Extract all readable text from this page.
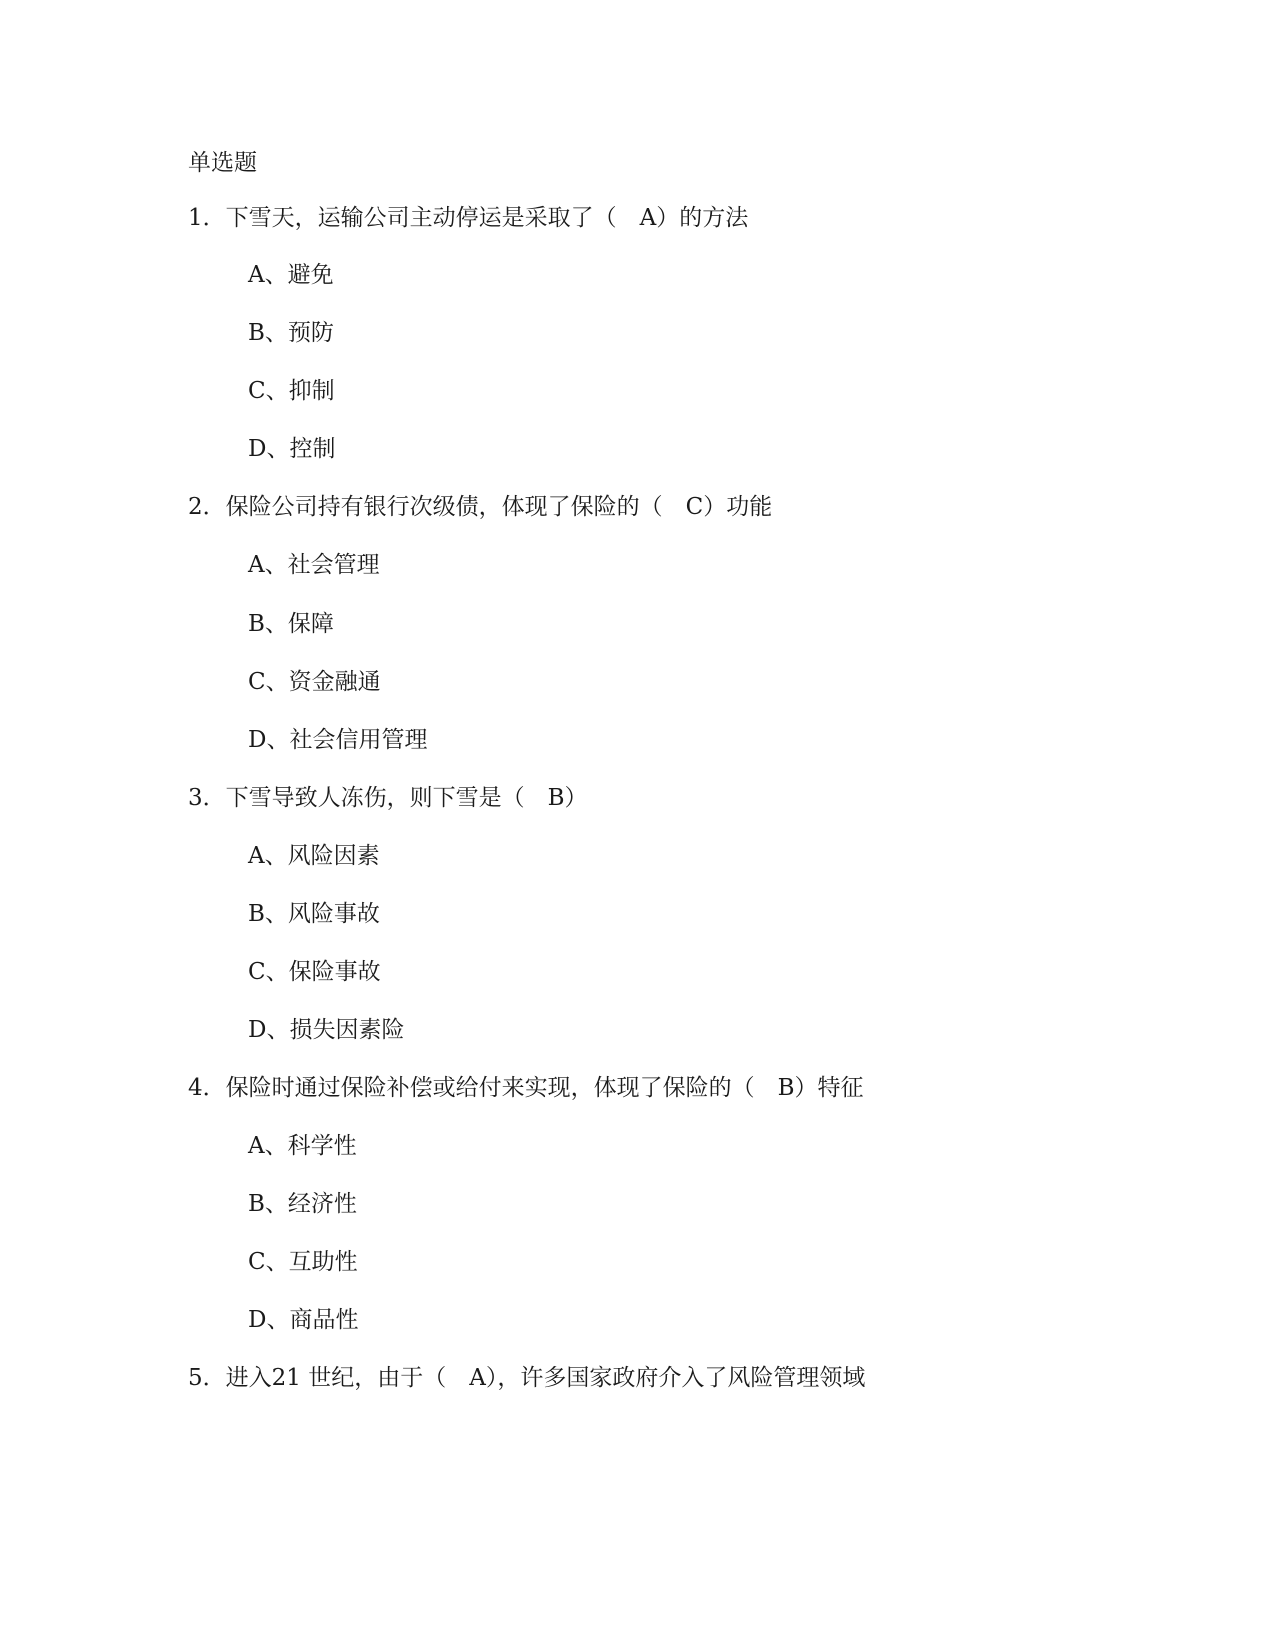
单选题
1．下雪天，运输公司主动停运是采取了（　A）的方法
A、避免
B、预防
C、抑制
D、控制
2．保险公司持有银行次级债，体现了保险的（　C）功能
A、社会管理
B、保障
C、资金融通
D、社会信用管理
3．下雪导致人冻伤，则下雪是（　B）
A、风险因素
B、风险事故
C、保险事故
D、损失因素险
4．保险时通过保险补偿或给付来实现，体现了保险的（　B）特征
A、科学性
B、经济性
C、互助性
D、商品性
5．进入21 世纪，由于（　A），许多国家政府介入了风险管理领域
